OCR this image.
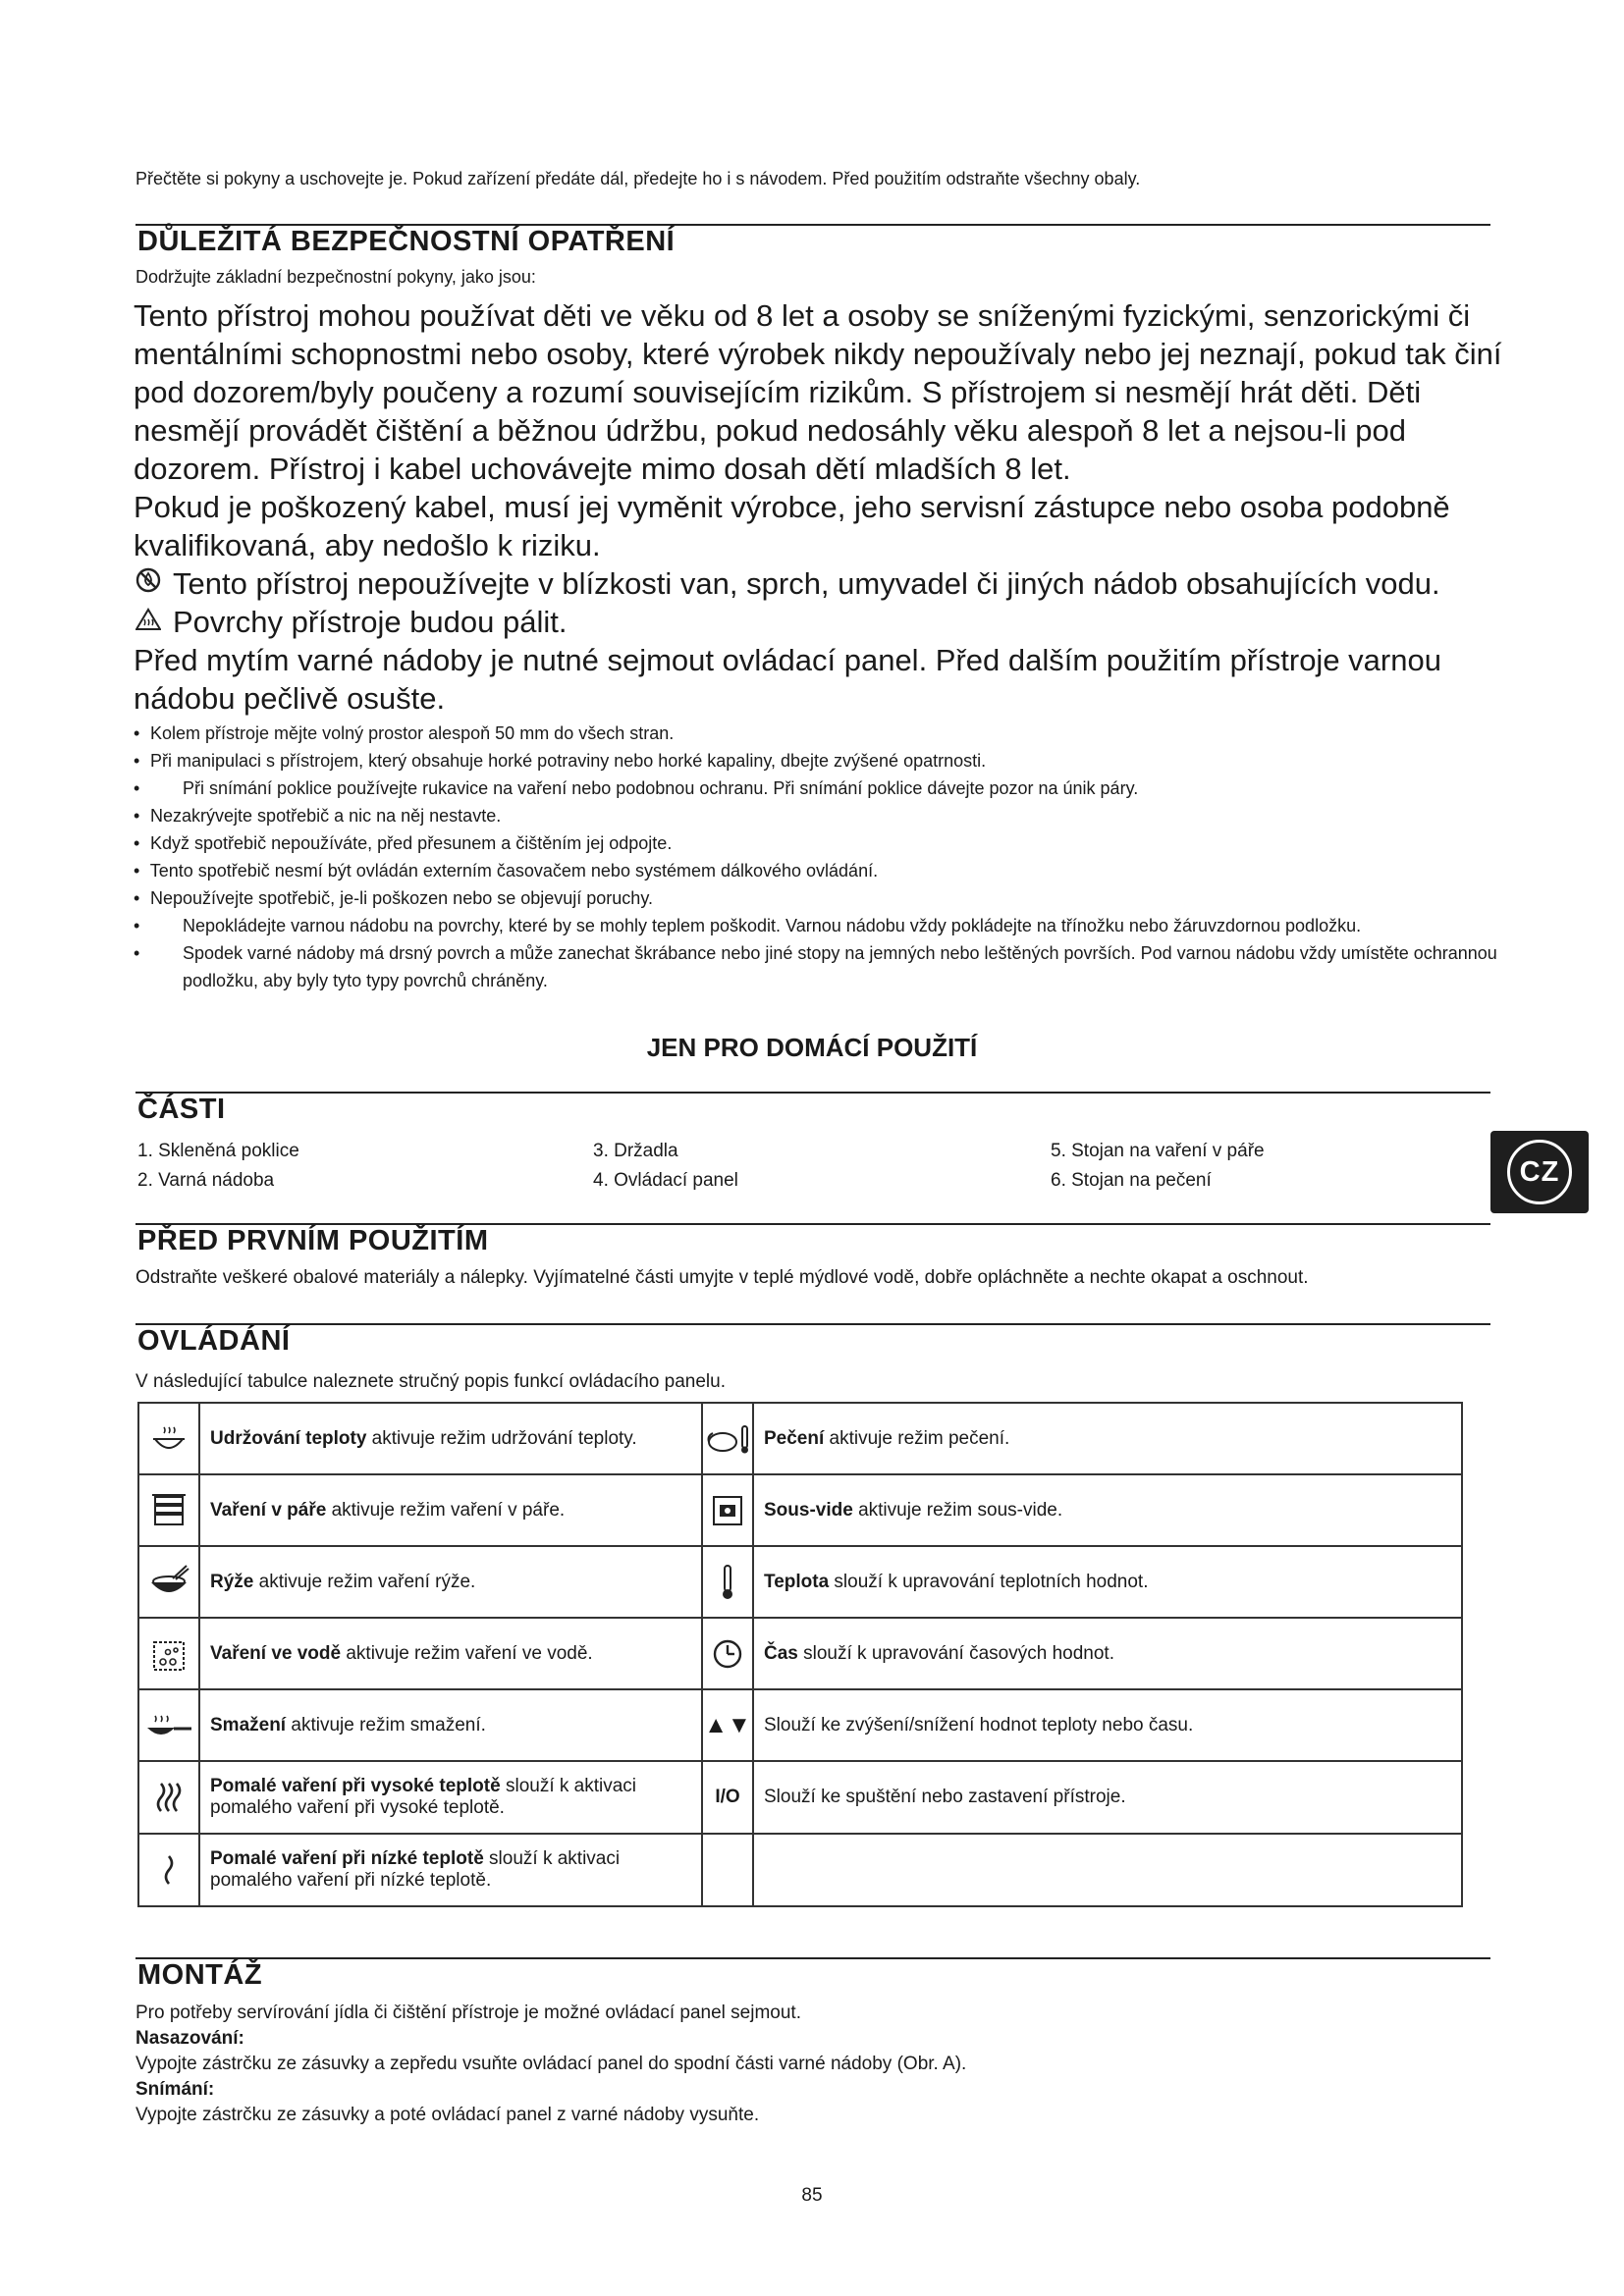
Přečtěte si pokyny a uschovejte je. Pokud zařízení předáte dál, předejte ho i s návodem. Před použitím odstraňte všechny obaly.
DŮLEŽITÁ BEZPEČNOSTNÍ OPATŘENÍ
Dodržujte základní bezpečnostní pokyny, jako jsou:

Tento přístroj mohou používat děti ve věku od 8 let a osoby se sníženými fyzickými, senzorickými či mentálními schopnostmi nebo osoby, které výrobek nikdy nepoužívaly nebo jej neznají, pokud tak činí pod dozorem/byly poučeny a rozumí souvisejícím rizikům. S přístrojem si nesmějí hrát děti. Děti nesmějí provádět čištění a běžnou údržbu, pokud nedosáhly věku alespoň 8 let a nejsou-li pod dozorem. Přístroj i kabel uchovávejte mimo dosah dětí mladších 8 let.

Pokud je poškozený kabel, musí jej vyměnit výrobce, jeho servisní zástupce nebo osoba podobně kvalifikovaná, aby nedošlo k riziku.

Tento přístroj nepoužívejte v blízkosti van, sprch, umyvadel či jiných nádob obsahujících vodu.
Povrchy přístroje budou pálit.

Před mytím varné nádoby je nutné sejmout ovládací panel. Před dalším použitím přístroje varnou nádobu pečlivě osušte.

• Kolem přístroje mějte volný prostor alespoň 50 mm do všech stran.
• Při manipulaci s přístrojem, který obsahuje horké potraviny nebo horké kapaliny, dbejte zvýšené opatrnosti.
•	Při snímání poklice používejte rukavice na vaření nebo podobnou ochranu. Při snímání poklice dávejte pozor na únik páry.
• Nezakrývejte spotřebič a nic na něj nestavte.
• Když spotřebič nepoužíváte, před přesunem a čištěním jej odpojte.
• Tento spotřebič nesmí být ovládán externím časovačem nebo systémem dálkového ovládání.
• Nepoužívejte spotřebič, je-li poškozen nebo se objevují poruchy.
•	Nepokládejte varnou nádobu na povrchy, které by se mohly teplem poškodit. Varnou nádobu vždy pokládejte na třínožku nebo žáruvzdornou podložku.
•	Spodek varné nádoby má drsný povrch a může zanechat škrábance nebo jiné stopy na jemných nebo leštěných površích. Pod varnou nádobu vždy umístěte ochrannou podložku, aby byly tyto typy povrchů chráněny.
JEN PRO DOMÁCÍ POUŽITÍ
ČÁSTI
1. Skleněná poklice
2. Varná nádoba
3. Držadla
4. Ovládací panel
5. Stojan na vaření v páře
6. Stojan na pečení	CZ
PŘED PRVNÍM POUŽITÍM
Odstraňte veškeré obalové materiály a nálepky. Vyjímatelné části umyjte v teplé mýdlové vodě, dobře opláchněte a nechte okapat a oschnout.
OVLÁDÁNÍ
V následující tabulce naleznete stručný popis funkcí ovládacího panelu.
	Udržování teploty aktivuje režim udržování teploty.		Pečení aktivuje režim pečení.

	Vaření v páře aktivuje režim vaření v páře.		Sous-vide aktivuje režim sous-vide.

	Rýže aktivuje režim vaření rýže.		Teplota slouží k upravování teplotních hodnot.

	Vaření ve vodě aktivuje režim vaření ve vodě.		Čas slouží k upravování časových hodnot.

	Smažení aktivuje režim smažení.	▲▼	Slouží ke zvýšení/snížení hodnot teploty nebo času.

	Pomalé vaření při vysoké teplotě slouží k aktivaci pomalého vaření při vysoké teplotě.	I/O	Slouží ke spuštění nebo zastavení přístroje.

	Pomalé vaření při nízké teplotě slouží k aktivaci pomalého vaření při nízké teplotě.		
MONTÁŽ
Pro potřeby servírování jídla či čištění přístroje je možné ovládací panel sejmout.
Nasazování:
Vypojte zástrčku ze zásuvky a zepředu vsuňte ovládací panel do spodní části varné nádoby (Obr. A).
Snímání:
Vypojte zástrčku ze zásuvky a poté ovládací panel z varné nádoby vysuňte.
85
